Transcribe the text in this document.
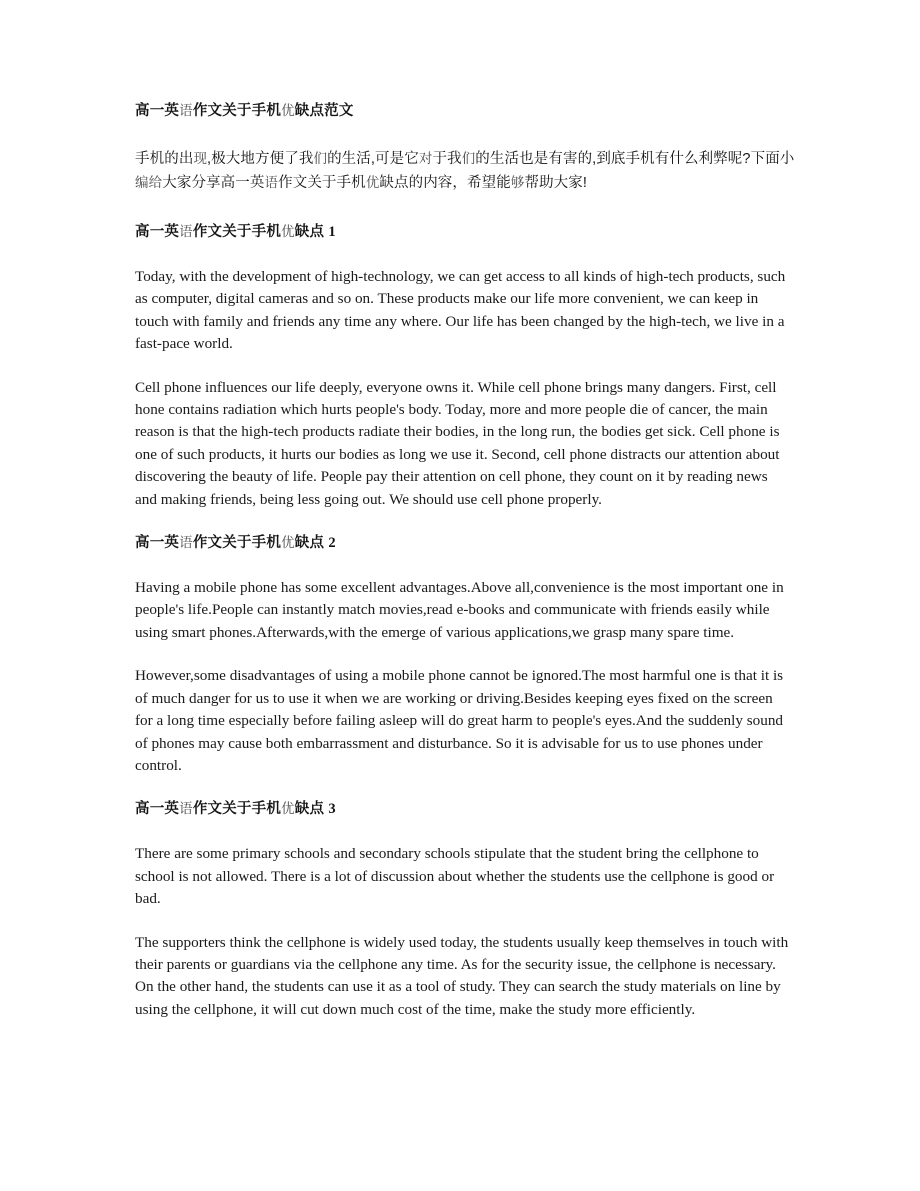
高一英语作文关于手机优缺点范文

手机的出现,极大地方便了我们的生活,可是它对于我们的生活也是有害的,到底手机有什么利弊呢?下面小编给大家分享高一英语作文关于手机优缺点的内容，希望能够帮助大家!

高一英语作文关于手机优缺点 1

Today, with the development of high-technology, we can get access to all kinds of high-tech products, such as computer, digital cameras and so on. These products make our life more convenient, we can keep in touch with family and friends any time any where. Our life has been changed by the high-tech, we live in a fast-pace world.

Cell phone influences our life deeply, everyone owns it. While cell phone brings many dangers. First, cell hone contains radiation which hurts people's body. Today, more and more people die of cancer, the main reason is that the high-tech products radiate their bodies, in the long run, the bodies get sick. Cell phone is one of such products, it hurts our bodies as long we use it. Second, cell phone distracts our attention about discovering the beauty of life. People pay their attention on cell phone, they count on it by reading news and making friends, being less going out. We should use cell phone properly.

高一英语作文关于手机优缺点 2

Having a mobile phone has some excellent advantages.Above all,convenience is the most important one in people's life.People can instantly match movies,read e-books and communicate with friends easily while using smart phones.Afterwards,with the emerge of various applications,we grasp many spare time.

However,some disadvantages of using a mobile phone cannot be ignored.The most harmful one is that it is of much danger for us to use it when we are working or driving.Besides keeping eyes fixed on the screen for a long time especially before failing asleep will do great harm to people's eyes.And the suddenly sound of phones may cause both embarrassment and disturbance. So it is advisable for us to use phones under control.

高一英语作文关于手机优缺点 3

There are some primary schools and secondary schools stipulate that the student bring the cellphone to school is not allowed. There is a lot of discussion about whether the students use the cellphone is good or bad.

The supporters think the cellphone is widely used today, the students usually keep themselves in touch with their parents or guardians via the cellphone any time. As for the security issue, the cellphone is necessary. On the other hand, the students can use it as a tool of study. They can search the study materials on line by using the cellphone, it will cut down much cost of the time, make the study more efficiently.
